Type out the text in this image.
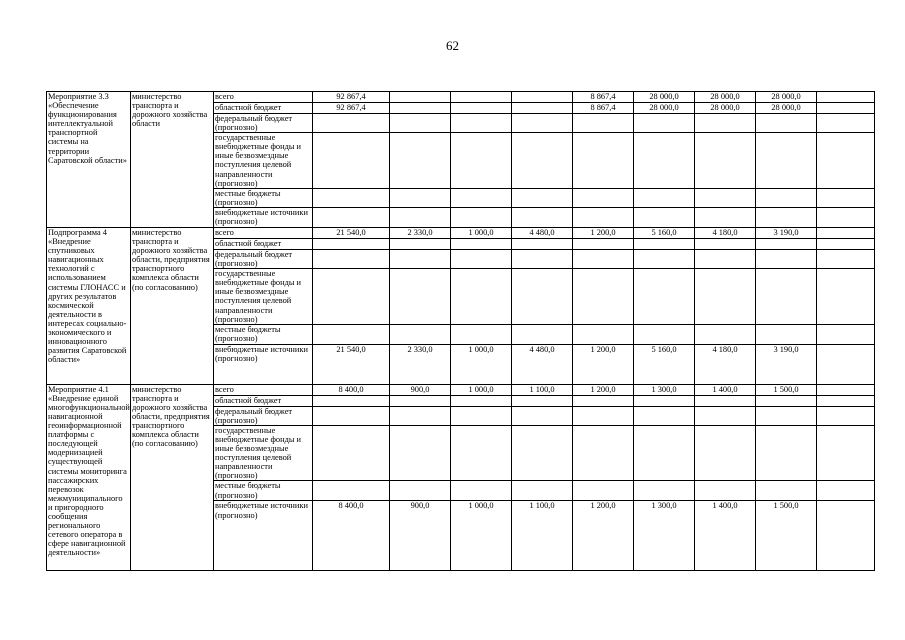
62
Мероприятие 3.3 «Обеспечение функционирования интеллектуальной транспортной системы на территории Саратовской области»	министерство транспорта и дорожного хозяйства области	всего	92 867,4				8 867,4	28 000,0	28 000,0	28 000,0	
		областной бюджет	92 867,4				8 867,4	28 000,0	28 000,0	28 000,0	
		федеральный бюджет (прогнозно)									
		государственные внебюджетные фонды и иные безвозмездные поступления целевой направленности (прогнозно)									
		местные бюджеты (прогнозно)									
		внебюджетные источники (прогнозно)									
Подпрограмма 4 «Внедрение спутниковых навигационных технологий с использованием системы ГЛОНАСС и других результатов космической деятельности в интересах социально-экономического и инновационного развития Саратовской области»	министерство транспорта и дорожного хозяйства области, предприятия транспортного комплекса области (по согласованию)	всего	21 540,0	2 330,0	1 000,0	4 480,0	1 200,0	5 160,0	4 180,0	3 190,0	
		областной бюджет									
		федеральный бюджет (прогнозно)									
		государственные внебюджетные фонды и иные безвозмездные поступления целевой направленности (прогнозно)									
		местные бюджеты (прогнозно)									
		внебюджетные источники (прогнозно)	21 540,0	2 330,0	1 000,0	4 480,0	1 200,0	5 160,0	4 180,0	3 190,0	
Мероприятие 4.1 «Внедрение единой многофункциональной навигационной геоинформационной платформы с последующей модернизацией существующей системы мониторинга пассажирских перевозок межмуниципального и пригородного сообщения регионального сетевого оператора в сфере навигационной деятельности»	министерство транспорта и дорожного хозяйства области, предприятия транспортного комплекса области (по согласованию)	всего	8 400,0	900,0	1 000,0	1 100,0	1 200,0	1 300,0	1 400,0	1 500,0	
		областной бюджет									
		федеральный бюджет (прогнозно)									
		государственные внебюджетные фонды и иные безвозмездные поступления целевой направленности (прогнозно)									
		местные бюджеты (прогнозно)									
		внебюджетные источники (прогнозно)	8 400,0	900,0	1 000,0	1 100,0	1 200,0	1 300,0	1 400,0	1 500,0	
